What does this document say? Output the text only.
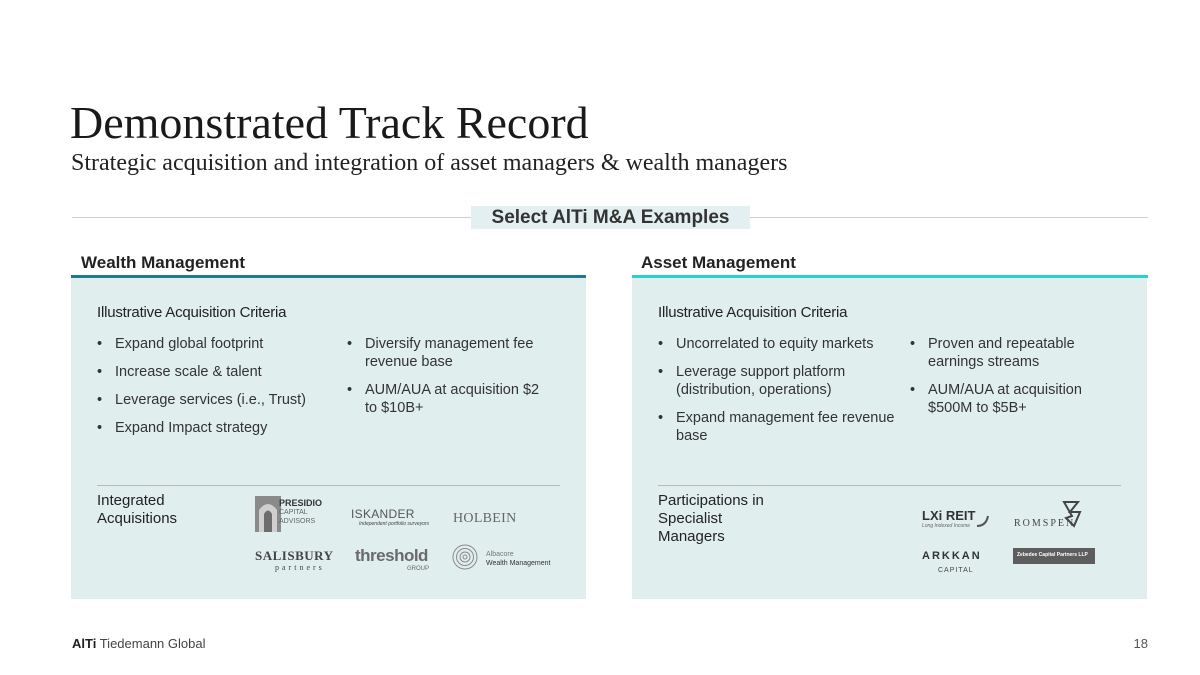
Demonstrated Track Record
Strategic acquisition and integration of asset managers & wealth managers
Select AlTi M&A Examples
Wealth Management
Illustrative Acquisition Criteria
• Expand global footprint
• Increase scale & talent
• Leverage services (i.e., Trust)
• Expand Impact strategy
• Diversify management fee revenue base
• AUM/AUA at acquisition $2 to $10B+
Integrated Acquisitions
PRESIDIO
CAPITAL
ADVISORS
ISKANDER
Independent portfolio surveyors HOLBEIN
SALISBURY
partners
threshold
GROUP
Albacore
Wealth Management
Asset Management
Illustrative Acquisition Criteria
• Uncorrelated to equity markets
• Leverage support platform (distribution, operations)
• Expand management fee revenue base
• Proven and repeatable earnings streams
• AUM/AUA at acquisition $500M to $5B+
Participations in Specialist Managers
LXi REIT
Long Indexed Income	ROMSPEN
ARKKAN
CAPITAL
Zebedee Capital Partners LLP
AlTi Tiedemann Global	18
